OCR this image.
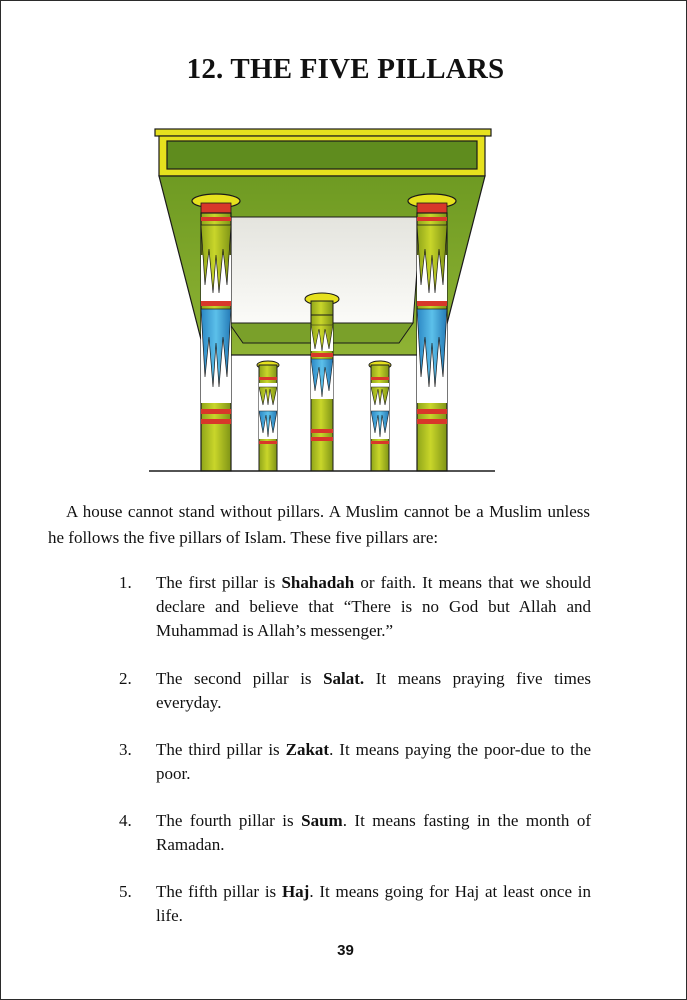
12. THE FIVE PILLARS

A house cannot stand without pillars. A Muslim cannot be a Muslim unless he follows the five pillars of Islam. These five pillars are:

1.	The first pillar is Shahadah or faith. It means that we should declare and believe that “There is no God but Allah and Muhammad is Allah’s messenger.”
2.	The second pillar is Salat. It means praying five times everyday.
3.	The third pillar is Zakat. It means paying the poor-due to the poor.
4.	The fourth pillar is Saum. It means fasting in the month of Ramadan.
5.	The fifth pillar is Haj. It means going for Haj at least once in life.
39
